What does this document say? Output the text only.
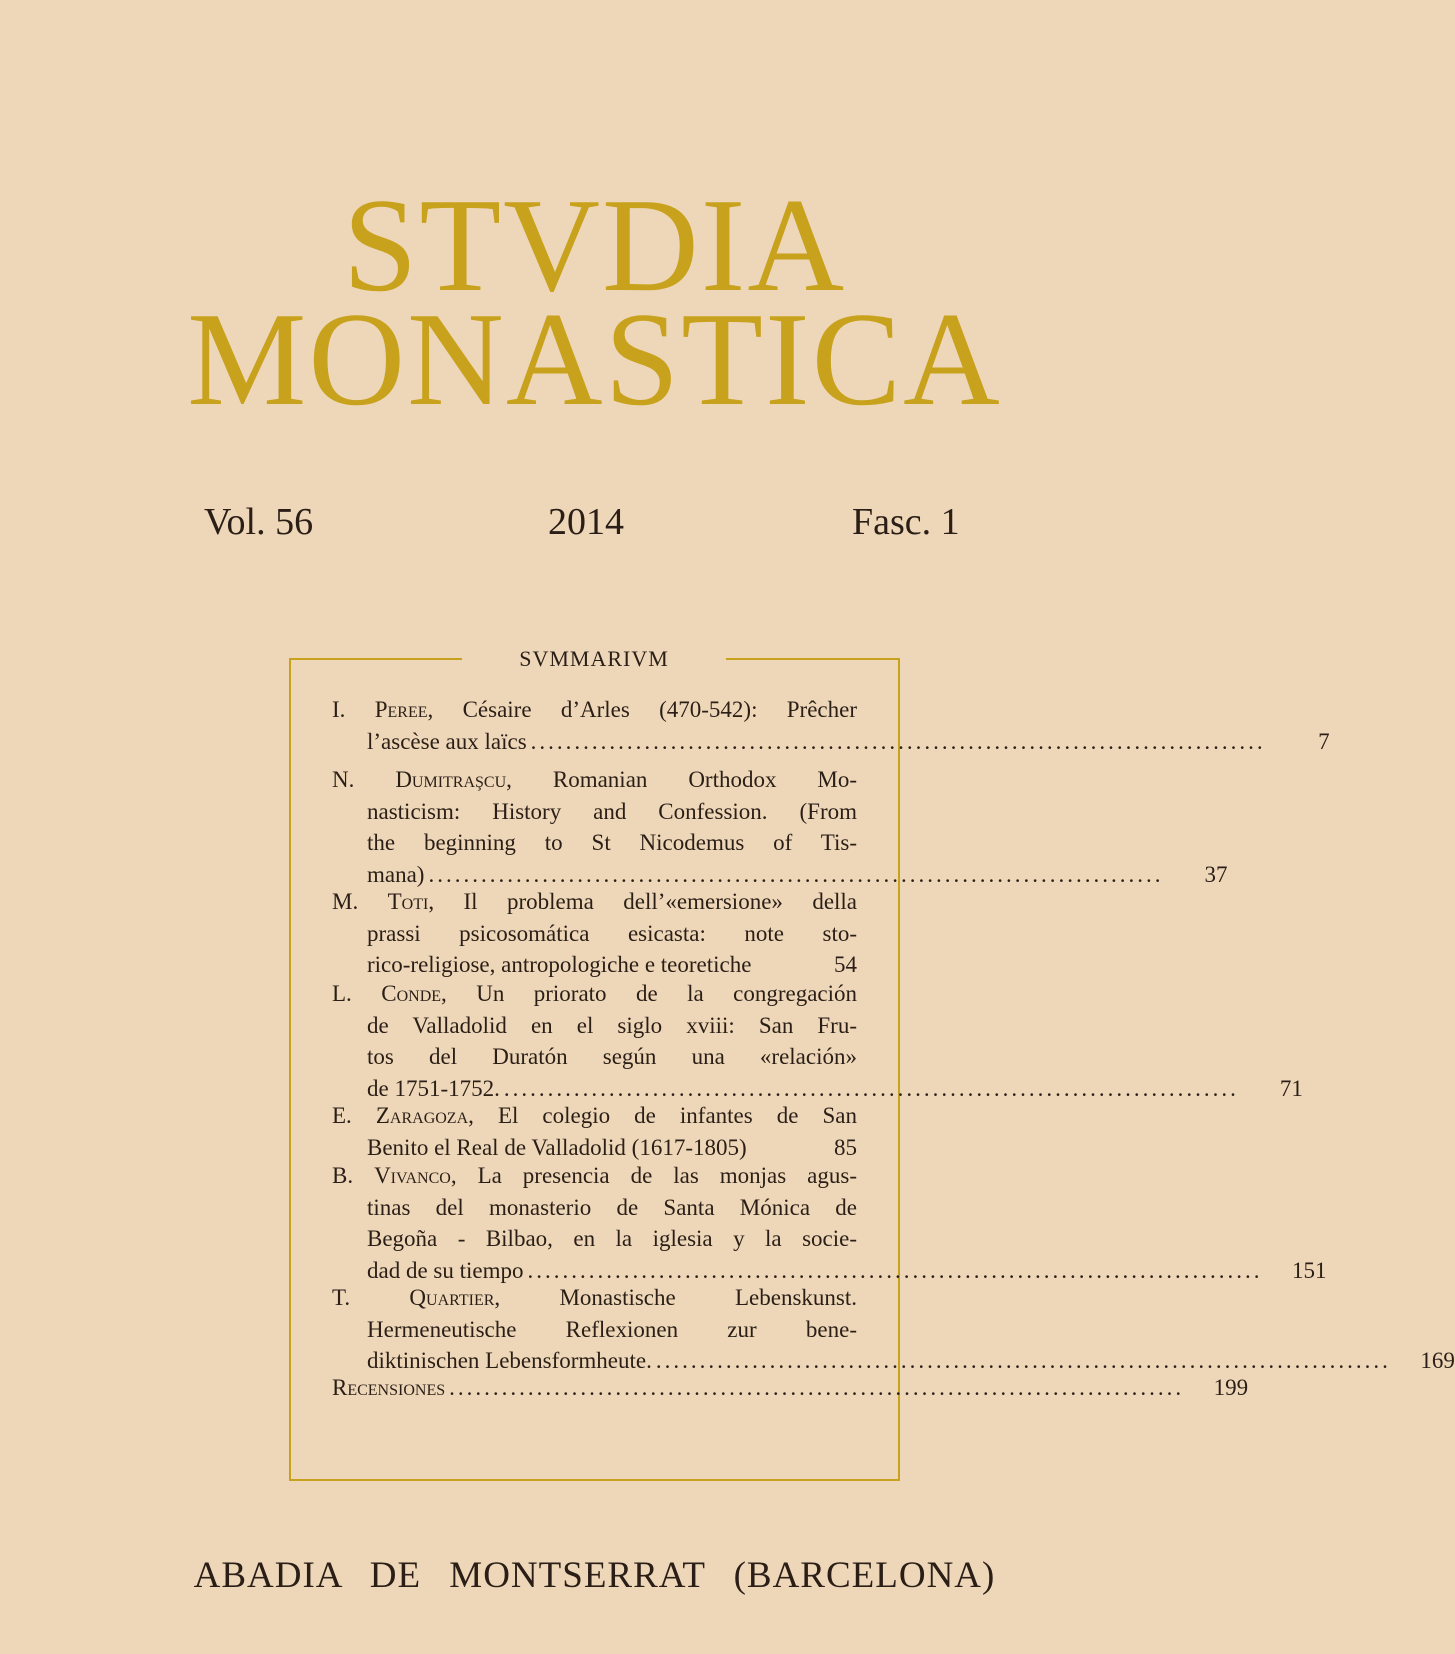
STVDIA
MONASTICA
Vol. 56	2014	Fasc. 1
SVMMARIVM
I. Peree, Césaire d’Arles (470-542): Prêcher
l’ascèse aux laïcs ....................................................................................	7
N. Dumitraşcu, Romanian Orthodox Mo-
nasticism: History and Confession. (From
the beginning to St Nicodemus of Tis-
mana) ....................................................................................	37
M. Toti, Il problema dell’«emersione» della
prassi psicosomática esicasta: note sto-
rico-religiose, antropologiche e teoretiche	54
L. Conde, Un priorato de la congregación
de Valladolid en el siglo xviii: San Fru-
tos del Duratón según una «relación»
de 1751-1752. ....................................................................................	71
E. Zaragoza, El colegio de infantes de San
Benito el Real de Valladolid (1617-1805)	85
B. Vivanco, La presencia de las monjas agus-
tinas del monasterio de Santa Mónica de
Begoña - Bilbao, en la iglesia y la socie-
dad de su tiempo ....................................................................................	151
T.	Quartier, Monastische Lebenskunst.
Hermeneutische Reflexionen zur bene-
diktinischen Lebensformheute. ....................................................................................	169
Recensiones ....................................................................................	199
ABADIA DE MONTSERRAT (BARCELONA)
